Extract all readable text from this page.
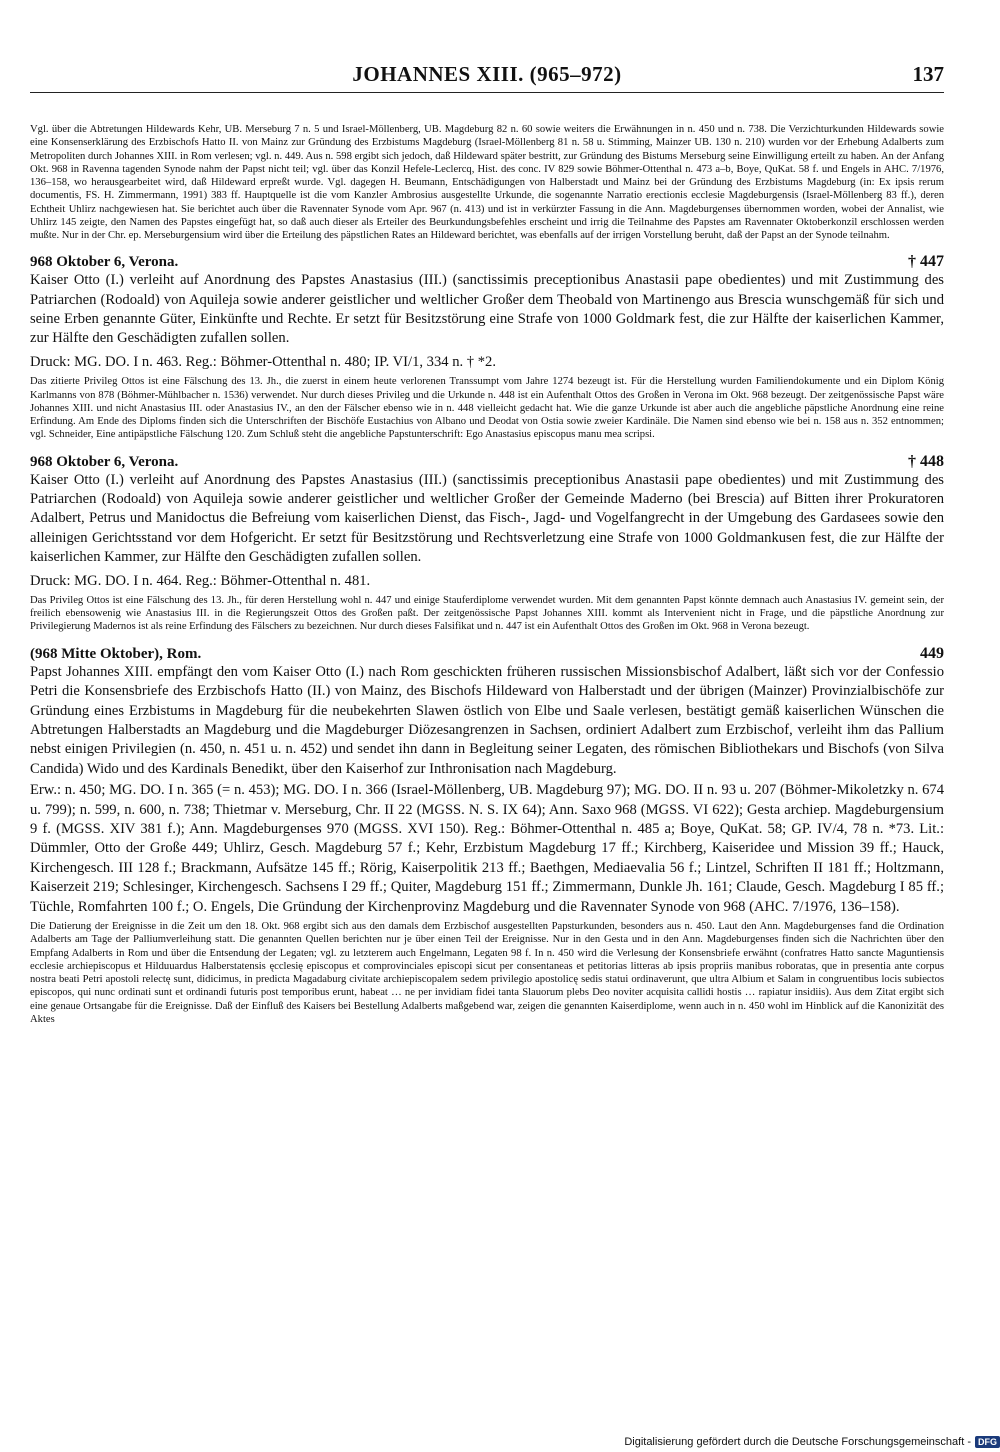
JOHANNES XIII. (965–972)	137

Vgl. über die Abtretungen Hildewards Kehr, UB. Merseburg 7 n. 5 und Israel-Möllenberg, UB. Magdeburg 82 n. 60 sowie weiters die Erwähnungen in n. 450 und n. 738. Die Verzichturkunden Hildewards sowie eine Konsenserklärung des Erzbischofs Hatto II. von Mainz zur Gründung des Erzbistums Magdeburg (Israel-Möllenberg 81 n. 58 u. Stimming, Mainzer UB. 130 n. 210) wurden vor der Erhebung Adalberts zum Metropoliten durch Johannes XIII. in Rom verlesen; vgl. n. 449. Aus n. 598 ergibt sich jedoch, daß Hildeward später bestritt, zur Gründung des Bistums Merseburg seine Einwilligung erteilt zu haben. An der Anfang Okt. 968 in Ravenna tagenden Synode nahm der Papst nicht teil; vgl. über das Konzil Hefele-Leclercq, Hist. des conc. IV 829 sowie Böhmer-Ottenthal n. 473 a–b, Boye, QuKat. 58 f. und Engels in AHC. 7/1976, 136–158, wo herausgearbeitet wird, daß Hildeward erpreßt wurde. Vgl. dagegen H. Beumann, Entschädigungen von Halberstadt und Mainz bei der Gründung des Erzbistums Magdeburg (in: Ex ipsis rerum documentis, FS. H. Zimmermann, 1991) 383 ff. Hauptquelle ist die vom Kanzler Ambrosius ausgestellte Urkunde, die sogenannte Narratio erectionis ecclesie Magdeburgensis (Israel-Möllenberg 83 ff.), deren Echtheit Uhlirz nachgewiesen hat. Sie berichtet auch über die Ravennater Synode vom Apr. 967 (n. 413) und ist in verkürzter Fassung in die Ann. Magdeburgenses übernommen worden, wobei der Annalist, wie Uhlirz 145 zeigte, den Namen des Papstes eingefügt hat, so daß auch dieser als Erteiler des Beurkundungsbefehles erscheint und irrig die Teilnahme des Papstes am Ravennater Oktoberkonzil erschlossen werden mußte. Nur in der Chr. ep. Merseburgensium wird über die Erteilung des päpstlichen Rates an Hildeward berichtet, was ebenfalls auf der irrigen Vorstellung beruht, daß der Papst an der Synode teilnahm.

968 Oktober 6, Verona.	† 447

Kaiser Otto (I.) verleiht auf Anordnung des Papstes Anastasius (III.) (sanctissimis preceptionibus Anastasii pape obedientes) und mit Zustimmung des Patriarchen (Rodoald) von Aquileja sowie anderer geistlicher und weltlicher Großer dem Theobald von Martinengo aus Brescia wunschgemäß für sich und seine Erben genannte Güter, Einkünfte und Rechte. Er setzt für Besitzstörung eine Strafe von 1000 Goldmark fest, die zur Hälfte der kaiserlichen Kammer, zur Hälfte den Geschädigten zufallen sollen.

Druck: MG. DO. I n. 463. Reg.: Böhmer-Ottenthal n. 480; IP. VI/1, 334 n. † *2.

Das zitierte Privileg Ottos ist eine Fälschung des 13. Jh., die zuerst in einem heute verlorenen Transsumpt vom Jahre 1274 bezeugt ist. Für die Herstellung wurden Familiendokumente und ein Diplom König Karlmanns von 878 (Böhmer-Mühlbacher n. 1536) verwendet. Nur durch dieses Privileg und die Urkunde n. 448 ist ein Aufenthalt Ottos des Großen in Verona im Okt. 968 bezeugt. Der zeitgenössische Papst wäre Johannes XIII. und nicht Anastasius III. oder Anastasius IV., an den der Fälscher ebenso wie in n. 448 vielleicht gedacht hat. Wie die ganze Urkunde ist aber auch die angebliche päpstliche Anordnung eine reine Erfindung. Am Ende des Diploms finden sich die Unterschriften der Bischöfe Eustachius von Albano und Deodat von Ostia sowie zweier Kardinäle. Die Namen sind ebenso wie bei n. 158 aus n. 352 entnommen; vgl. Schneider, Eine antipäpstliche Fälschung 120. Zum Schluß steht die angebliche Papstunterschrift: Ego Anastasius episcopus manu mea scripsi.

968 Oktober 6, Verona.	† 448

Kaiser Otto (I.) verleiht auf Anordnung des Papstes Anastasius (III.) (sanctissimis preceptionibus Anastasii pape obedientes) und mit Zustimmung des Patriarchen (Rodoald) von Aquileja sowie anderer geistlicher und weltlicher Großer der Gemeinde Maderno (bei Brescia) auf Bitten ihrer Prokuratoren Adalbert, Petrus und Manidoctus die Befreiung vom kaiserlichen Dienst, das Fisch-, Jagd- und Vogelfangrecht in der Umgebung des Gardasees sowie den alleinigen Gerichtsstand vor dem Hofgericht. Er setzt für Besitzstörung und Rechtsverletzung eine Strafe von 1000 Goldmankusen fest, die zur Hälfte der kaiserlichen Kammer, zur Hälfte den Geschädigten zufallen sollen.

Druck: MG. DO. I n. 464. Reg.: Böhmer-Ottenthal n. 481.

Das Privileg Ottos ist eine Fälschung des 13. Jh., für deren Herstellung wohl n. 447 und einige Stauferdiplome verwendet wurden. Mit dem genannten Papst könnte demnach auch Anastasius IV. gemeint sein, der freilich ebensowenig wie Anastasius III. in die Regierungszeit Ottos des Großen paßt. Der zeitgenössische Papst Johannes XIII. kommt als Intervenient nicht in Frage, und die päpstliche Anordnung zur Privilegierung Madernos ist als reine Erfindung des Fälschers zu bezeichnen. Nur durch dieses Falsifikat und n. 447 ist ein Aufenthalt Ottos des Großen im Okt. 968 in Verona bezeugt.

(968 Mitte Oktober), Rom.	449

Papst Johannes XIII. empfängt den vom Kaiser Otto (I.) nach Rom geschickten früheren russischen Missionsbischof Adalbert, läßt sich vor der Confessio Petri die Konsensbriefe des Erzbischofs Hatto (II.) von Mainz, des Bischofs Hildeward von Halberstadt und der übrigen (Mainzer) Provinzialbischöfe zur Gründung eines Erzbistums in Magdeburg für die neubekehrten Slawen östlich von Elbe und Saale verlesen, bestätigt gemäß kaiserlichen Wünschen die Abtretungen Halberstadts an Magdeburg und die Magdeburger Diözesangrenzen in Sachsen, ordiniert Adalbert zum Erzbischof, verleiht ihm das Pallium nebst einigen Privilegien (n. 450, n. 451 u. n. 452) und sendet ihn dann in Begleitung seiner Legaten, des römischen Bibliothekars und Bischofs (von Silva Candida) Wido und des Kardinals Benedikt, über den Kaiserhof zur Inthronisation nach Magdeburg.

Erw.: n. 450; MG. DO. I n. 365 (= n. 453); MG. DO. I n. 366 (Israel-Möllenberg, UB. Magdeburg 97); MG. DO. II n. 93 u. 207 (Böhmer-Mikoletzky n. 674 u. 799); n. 599, n. 600, n. 738; Thietmar v. Merseburg, Chr. II 22 (MGSS. N. S. IX 64); Ann. Saxo 968 (MGSS. VI 622); Gesta archiep. Magdeburgensium 9 f. (MGSS. XIV 381 f.); Ann. Magdeburgenses 970 (MGSS. XVI 150). Reg.: Böhmer-Ottenthal n. 485 a; Boye, QuKat. 58; GP. IV/4, 78 n. *73. Lit.: Dümmler, Otto der Große 449; Uhlirz, Gesch. Magdeburg 57 f.; Kehr, Erzbistum Magdeburg 17 ff.; Kirchberg, Kaiseridee und Mission 39 ff.; Hauck, Kirchengesch. III 128 f.; Brackmann, Aufsätze 145 ff.; Rörig, Kaiserpolitik 213 ff.; Baethgen, Mediaevalia 56 f.; Lintzel, Schriften II 181 ff.; Holtzmann, Kaiserzeit 219; Schlesinger, Kirchengesch. Sachsens I 29 ff.; Quiter, Magdeburg 151 ff.; Zimmermann, Dunkle Jh. 161; Claude, Gesch. Magdeburg I 85 ff.; Tüchle, Romfahrten 100 f.; O. Engels, Die Gründung der Kirchenprovinz Magdeburg und die Ravennater Synode von 968 (AHC. 7/1976, 136–158).

Die Datierung der Ereignisse in die Zeit um den 18. Okt. 968 ergibt sich aus den damals dem Erzbischof ausgestellten Papsturkunden, besonders aus n. 450. Laut den Ann. Magdeburgenses fand die Ordination Adalberts am Tage der Palliumverleihung statt. Die genannten Quellen berichten nur je über einen Teil der Ereignisse. Nur in den Gesta und in den Ann. Magdeburgenses finden sich die Nachrichten über den Empfang Adalberts in Rom und über die Entsendung der Legaten; vgl. zu letzterem auch Engelmann, Legaten 98 f. In n. 450 wird die Verlesung der Konsensbriefe erwähnt (confratres Hatto sancte Maguntiensis ecclesie archiepiscopus et Hilduuardus Halberstatensis ęcclesię episcopus et comprovinciales episcopi sicut per consentaneas et petitorias litteras ab ipsis propriis manibus roboratas, que in presentia ante corpus nostra beati Petri apostoli relectę sunt, didicimus, in predicta Magadaburg civitate archiepiscopalem sedem privilegio apostolicę sedis statui ordinaverunt, que ultra Albium et Salam in congruentibus locis subiectos episcopos, qui nunc ordinati sunt et ordinandi futuris post temporibus erunt, habeat … ne per invidiam fidei tanta Slauorum plebs Deo noviter acquisita callidi hostis … rapiatur insidiis). Aus dem Zitat ergibt sich eine genaue Ortsangabe für die Ereignisse. Daß der Einfluß des Kaisers bei Bestellung Adalberts maßgebend war, zeigen die genannten Kaiserdiplome, wenn auch in n. 450 wohl im Hinblick auf die Kanonizität des Aktes

Digitalisierung gefördert durch die Deutsche Forschungsgemeinschaft - DFG
